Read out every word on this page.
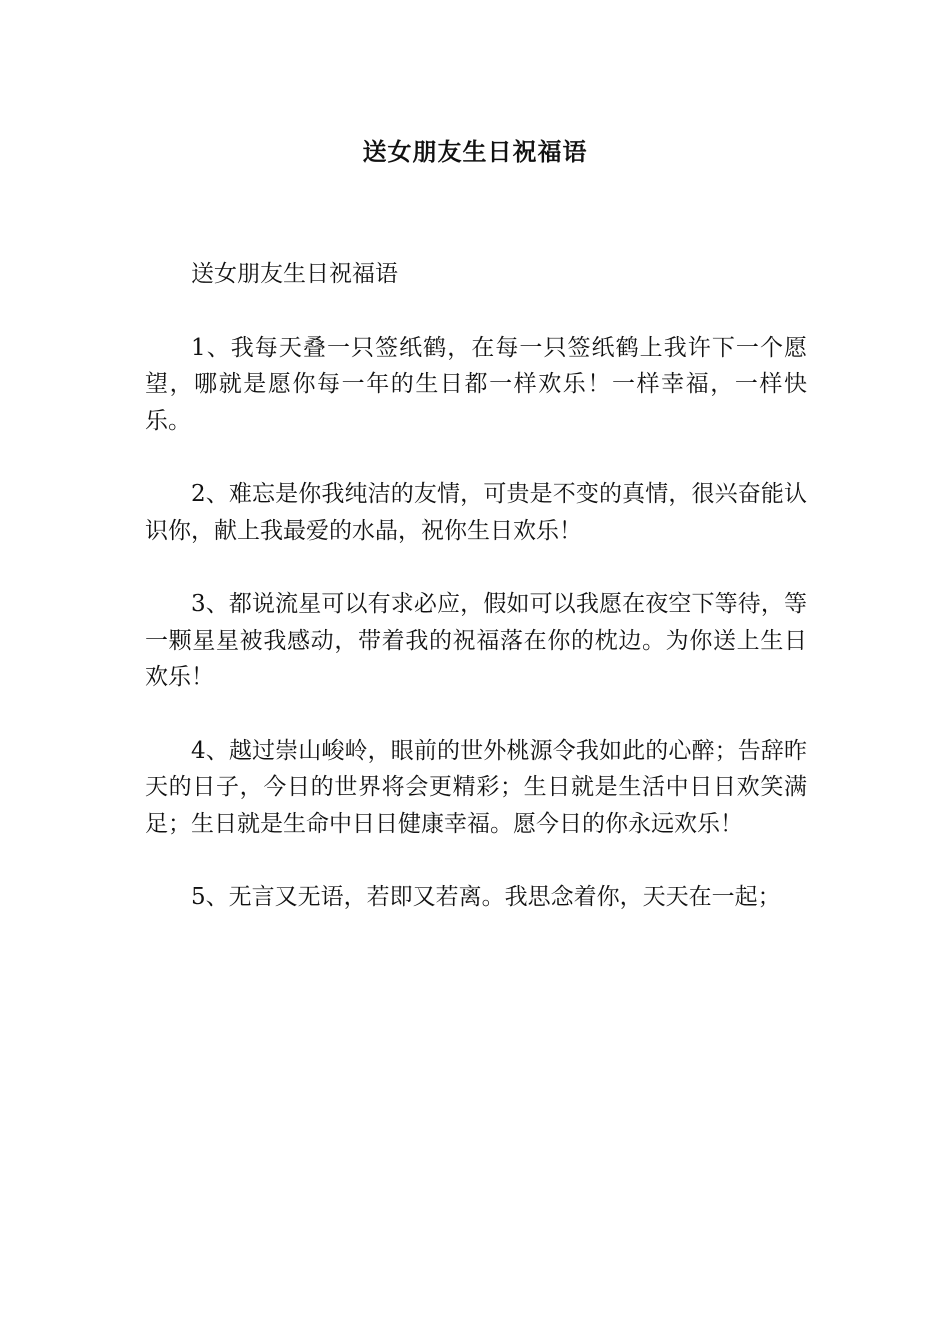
送女朋友生日祝福语

送女朋友生日祝福语

1、我每天叠一只签纸鹤，在每一只签纸鹤上我许下一个愿望，哪就是愿你每一年的生日都一样欢乐！一样幸福，一样快乐。

2、难忘是你我纯洁的友情，可贵是不变的真情，很兴奋能认识你，献上我最爱的水晶，祝你生日欢乐！

3、都说流星可以有求必应，假如可以我愿在夜空下等待，等一颗星星被我感动，带着我的祝福落在你的枕边。为你送上生日欢乐！

4、越过崇山峻岭，眼前的世外桃源令我如此的心醉；告辞昨天的日子，今日的世界将会更精彩；生日就是生活中日日欢笑满足；生日就是生命中日日健康幸福。愿今日的你永远欢乐！

5、无言又无语，若即又若离。我思念着你，天天在一起；
